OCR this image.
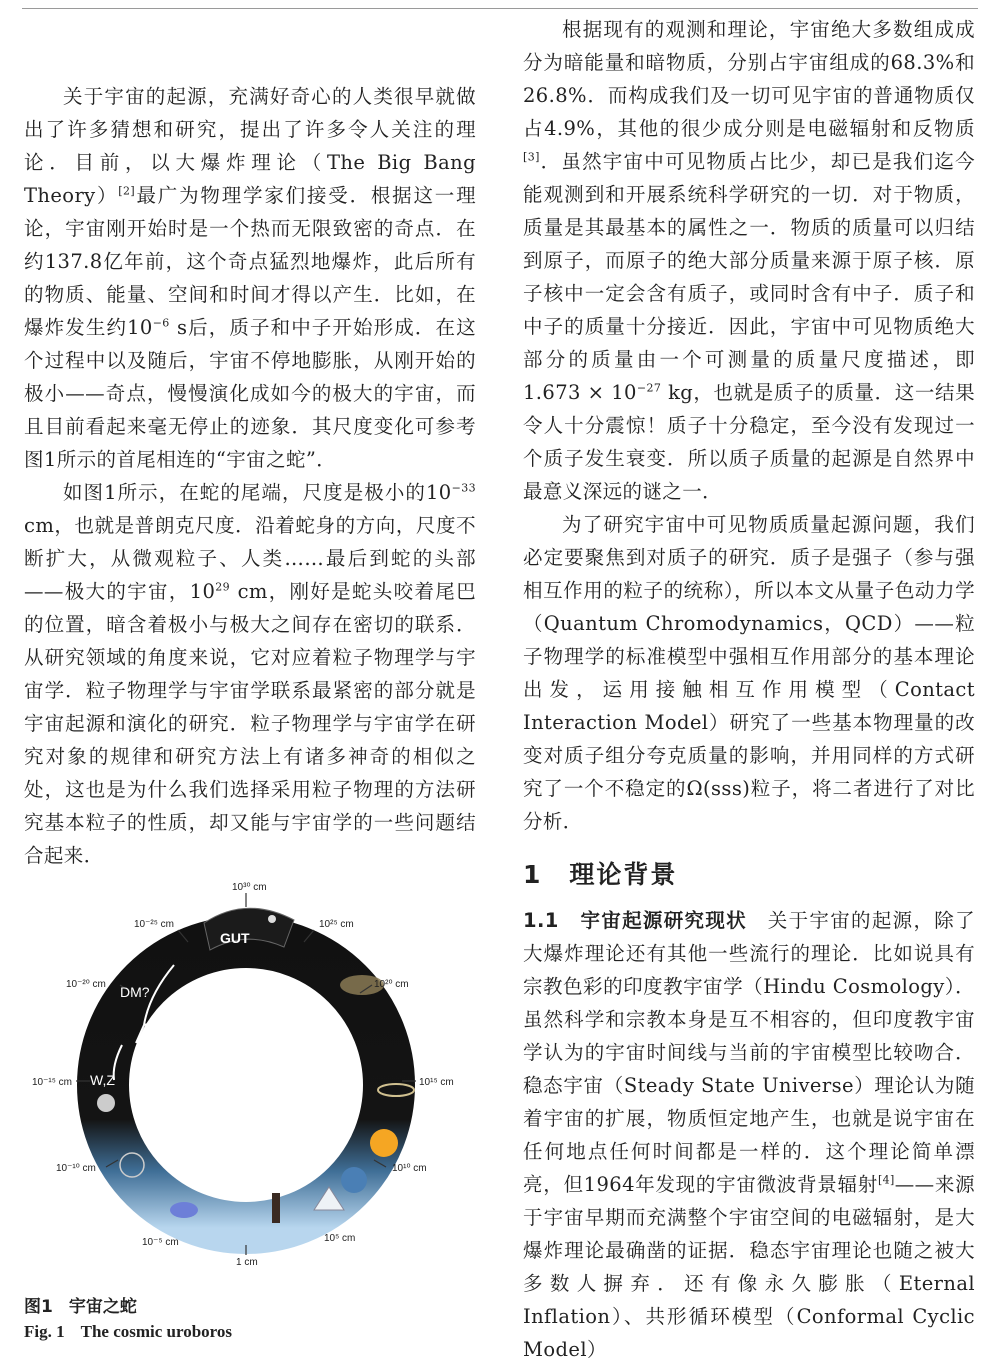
关于宇宙的起源，充满好奇心的人类很早就做出了许多猜想和研究，提出了许多令人关注的理论．目前，以大爆炸理论（The Big Bang Theory）[2]最广为物理学家们接受．根据这一理论，宇宙刚开始时是一个热而无限致密的奇点．在约137.8亿年前，这个奇点猛烈地爆炸，此后所有的物质、能量、空间和时间才得以产生．比如，在爆炸发生约$10^{-6}$ s后，质子和中子开始形成．在这个过程中以及随后，宇宙不停地膨胀，从刚开始的极小——奇点，慢慢演化成如今的极大的宇宙，而且目前看起来毫无停止的迹象．其尺度变化可参考图1所示的首尾相连的“宇宙之蛇”．

如图1所示，在蛇的尾端，尺度是极小的$10^{-33}$ cm，也就是普朗克尺度．沿着蛇身的方向，尺度不断扩大，从微观粒子、人类……最后到蛇的头部——极大的宇宙，$10^{29}$ cm，刚好是蛇头咬着尾巴的位置，暗含着极小与极大之间存在密切的联系．从研究领域的角度来说，它对应着粒子物理学与宇宙学．粒子物理学与宇宙学联系最紧密的部分就是宇宙起源和演化的研究．粒子物理学与宇宙学在研究对象的规律和研究方法上有诸多神奇的相似之处，这也是为什么我们选择采用粒子物理的方法研究基本粒子的性质，却又能与宇宙学的一些问题结合起来．

根据现有的观测和理论，宇宙绝大多数组成成分为暗能量和暗物质，分别占宇宙组成的68.3%和26.8%．而构成我们及一切可见宇宙的普通物质仅占4.9%，其他的很少成分则是电磁辐射和反物质[3]．虽然宇宙中可见物质占比少，却已是我们迄今能观测到和开展系统科学研究的一切．对于物质，质量是其最基本的属性之一．物质的质量可以归结到原子，而原子的绝大部分质量来源于原子核．原子核中一定会含有质子，或同时含有中子．质子和中子的质量十分接近．因此，宇宙中可见物质绝大部分的质量由一个可测量的质量尺度描述，即$1.673 \times 10^{-27}$ kg，也就是质子的质量．这一结果令人十分震惊！质子十分稳定，至今没有发现过一个质子发生衰变．所以质子质量的起源是自然界中最意义深远的谜之一．

为了研究宇宙中可见物质质量起源问题，我们必定要聚焦到对质子的研究．质子是强子（参与强相互作用的粒子的统称），所以本文从量子色动力学（Quantum Chromodynamics，QCD）——粒子物理学的标准模型中强相互作用部分的基本理论出发，运用接触相互作用模型（Contact Interaction Model）研究了一些基本物理量的改变对质子组分夸克质量的影响，并用同样的方式研究了一个不稳定的Ω(sss)粒子，将二者进行了对比分析．

1　理论背景

1.1　宇宙起源研究现状　 关于宇宙的起源，除了大爆炸理论还有其他一些流行的理论．比如说具有宗教色彩的印度教宇宙学（Hindu Cosmology）．虽然科学和宗教本身是互不相容的，但印度教宇宙学认为的宇宙时间线与当前的宇宙模型比较吻合．稳态宇宙（Steady State Universe）理论认为随着宇宙的扩展，物质恒定地产生，也就是说宇宙在任何地点任何时间都是一样的．这个理论简单漂亮，但1964年发现的宇宙微波背景辐射[4]——来源于宇宙早期而充满整个宇宙空间的电磁辐射，是大爆炸理论最确凿的证据．稳态宇宙理论也随之被大多数人摒弃．还有像永久膨胀（Eternal Inflation）、共形循环模型（Conformal Cyclic Model）

10³⁰ cm
10⁻²⁵ cm	10²⁵ cm
10⁻²⁰ cm	10²⁰ cm
10⁻¹⁵ cm	10¹⁵ cm
10⁻¹⁰ cm	10¹⁰ cm
10⁻⁵ cm	10⁵ cm
1 cm
GUT
DM?
W,Z
图1 宇宙之蛇
Fig. 1 The cosmic uroboros
